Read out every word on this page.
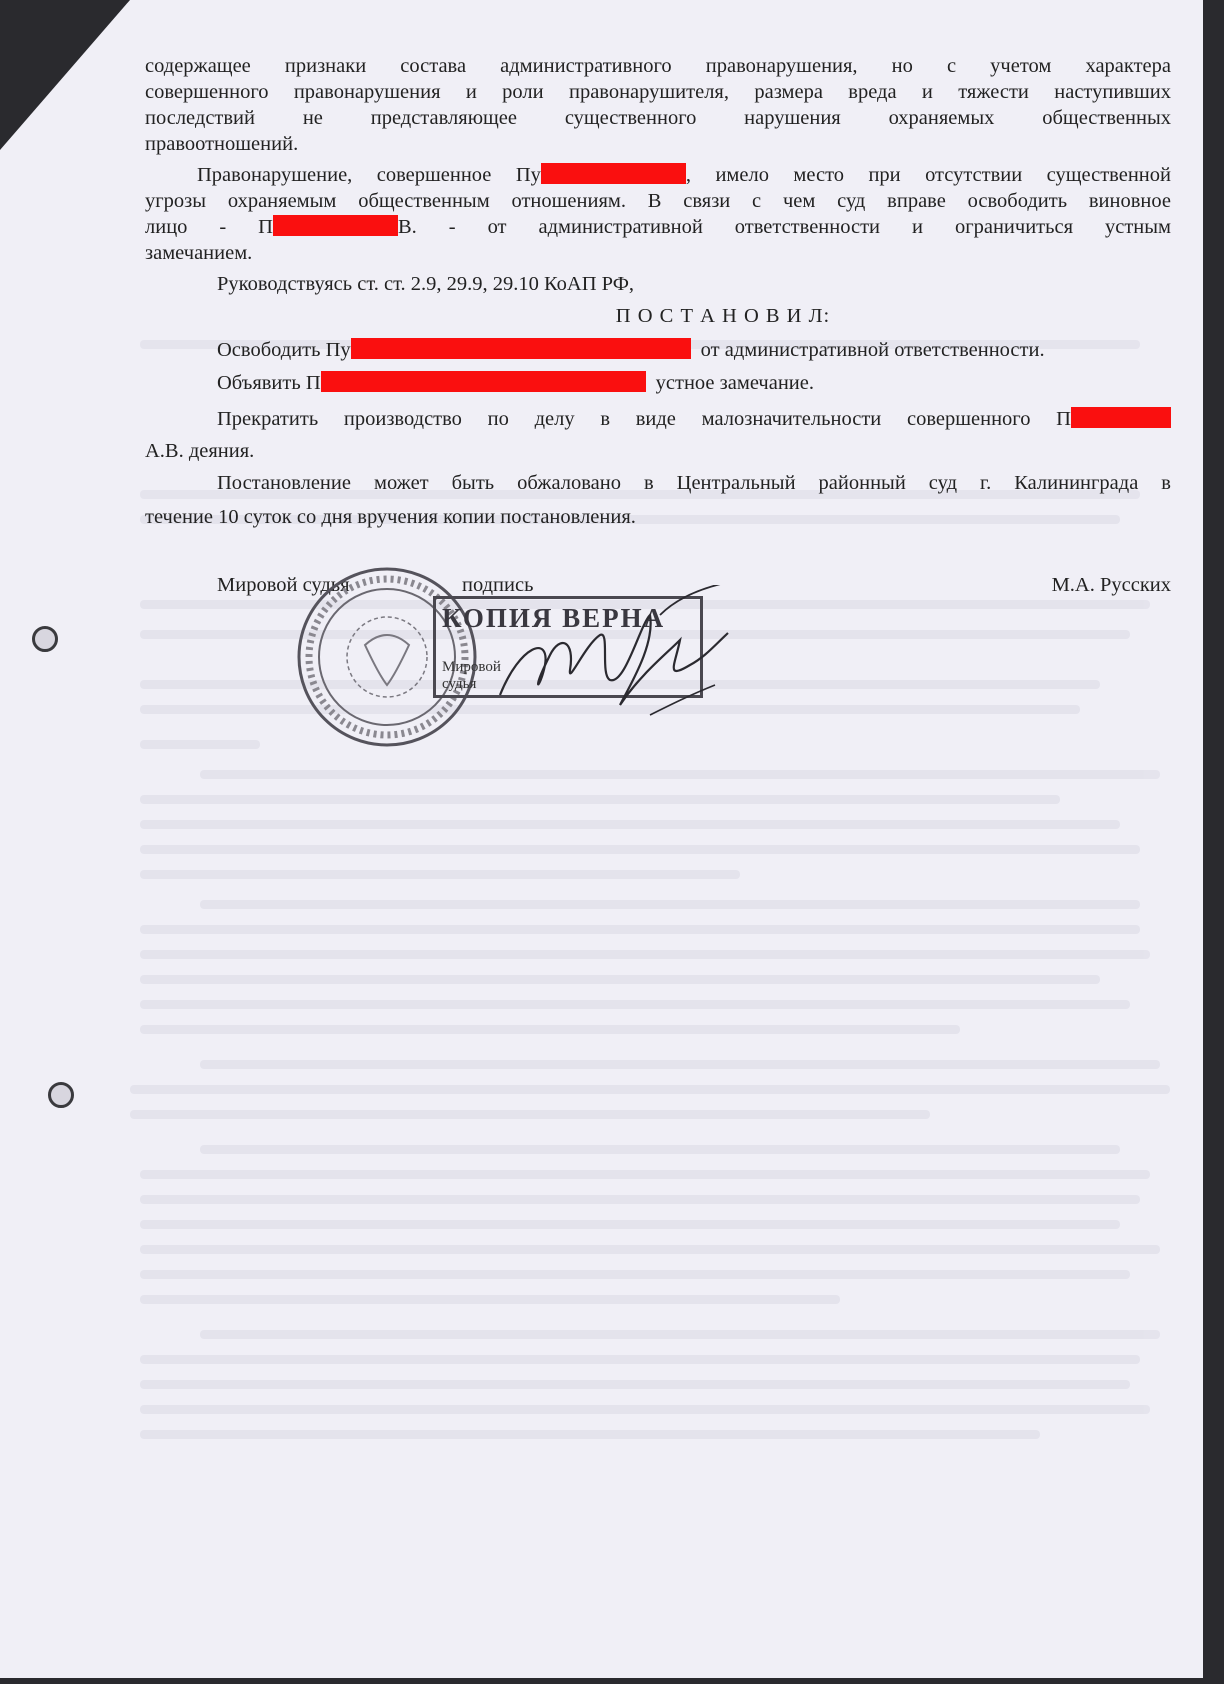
содержащее признаки состава административного правонарушения, но с учетом характера
совершенного правонарушения и роли правонарушителя, размера вреда и тяжести наступивших
последствий не представляющее существенного нарушения охраняемых общественных
правоотношений.
Правонарушение, совершенное Пу	, имело место при отсутствии существенной
угрозы охраняемым общественным отношениям. В связи с чем суд вправе освободить виновное
лицо - П	В. - от административной ответственности и ограничиться устным
замечанием.
Руководствуясь ст. ст. 2.9, 29.9, 29.10 КоАП РФ,
П О С Т А Н О В И Л:
Освободить Пу	от административной ответственности.
Объявить П	устное замечание.
Прекратить производство по делу в виде малозначительности совершенного П
А.В. деяния.
Постановление может быть обжаловано в Центральный районный суд г. Калининграда в
течение 10 суток со дня вручения копии постановления.
Мировой судья	подпись	М.А. Русских
КОПИЯ ВЕРНА
Мировой
судья
